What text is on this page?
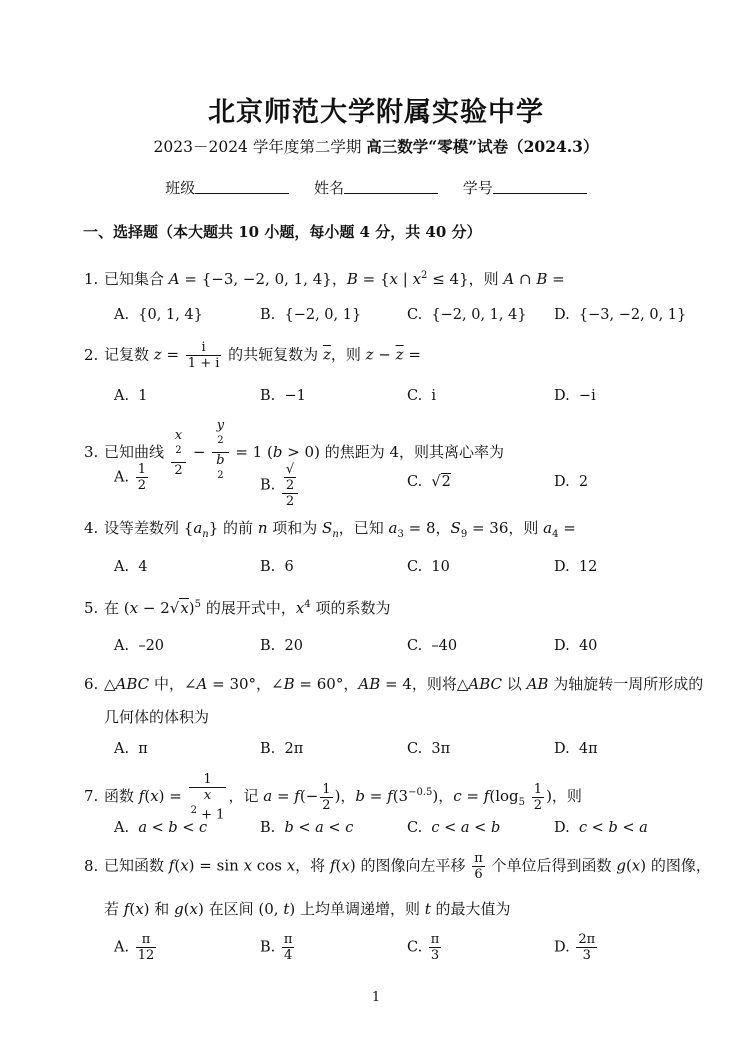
北京师范大学附属实验中学
2023－2024 学年度第二学期 高三数学“零模”试卷（2024.3）
班级	姓名	学号
一、选择题（本大题共 10 小题，每小题 4 分，共 40 分）
1. 已知集合 A = {−3, −2, 0, 1, 4}，B = {x | $x^2 \le 4$}，则 A ∩ B =
A.  {0, 1, 4}	B.  {−2, 0, 1}	C.  {−2, 0, 1, 4} D.  {−3, −2, 0, 1}
2. 记复数 $z = \frac{i}{1 + i}$ 的共轭复数为 $\overline{z}$，则 $z - \overline{z}$ =
A.  1	B.  −1	C.  i	D.  −i
3. 已知曲线 x
$^2$
2 − y
$^2$
b
$^2$ = 1 (b > 0) 的焦距为 4，则其离心率为
A. $\frac{1}{2}$	B. √
2
2	C.  √2	D.  2
4. 设等差数列 $\{a_n\}$ 的前 n 项和为 $S_n$，已知 $a_3 = 8$，$S_9 = 36$，则 $a_4$ =
A.  4	B.  6	C.  10	D.  12
5. 在 $(x - 2√x)^5$ 的展开式中，$x^4$ 项的系数为
A.  –20	B.  20	C.  –40	D.  40
6. △ABC 中，∠A = 30°，∠B = 60°，AB = 4，则将△ABC 以 AB 为轴旋转一周所形成的
几何体的体积为
A.  π	B.  2π	C.  3π	D.  4π
7. 函数 f(x) = 1
x
$^2$ + 1 ，记 $a = f(- \frac{1}{2}$ )，$b = f(3^{-0.5})$，$c = f(\log_5 \frac{1}{2}$ )，则
A.  a < b < c	B.  b < a < c	C.  c < a < b	D.  c < b < a
8. 已知函数 f(x) = sin x cos x，将 f(x) 的图像向左平移 $\frac{\pi}{6}$ 个单位后得到函数 g(x) 的图像，
若 f(x) 和 g(x) 在区间 (0, t) 上均单调递增，则 t 的最大值为
A. $\frac{\pi}{12}$	B. $\frac{\pi}{4}$	C. $\frac{\pi}{3}$	D. $\frac{2\pi}{3}$
1
